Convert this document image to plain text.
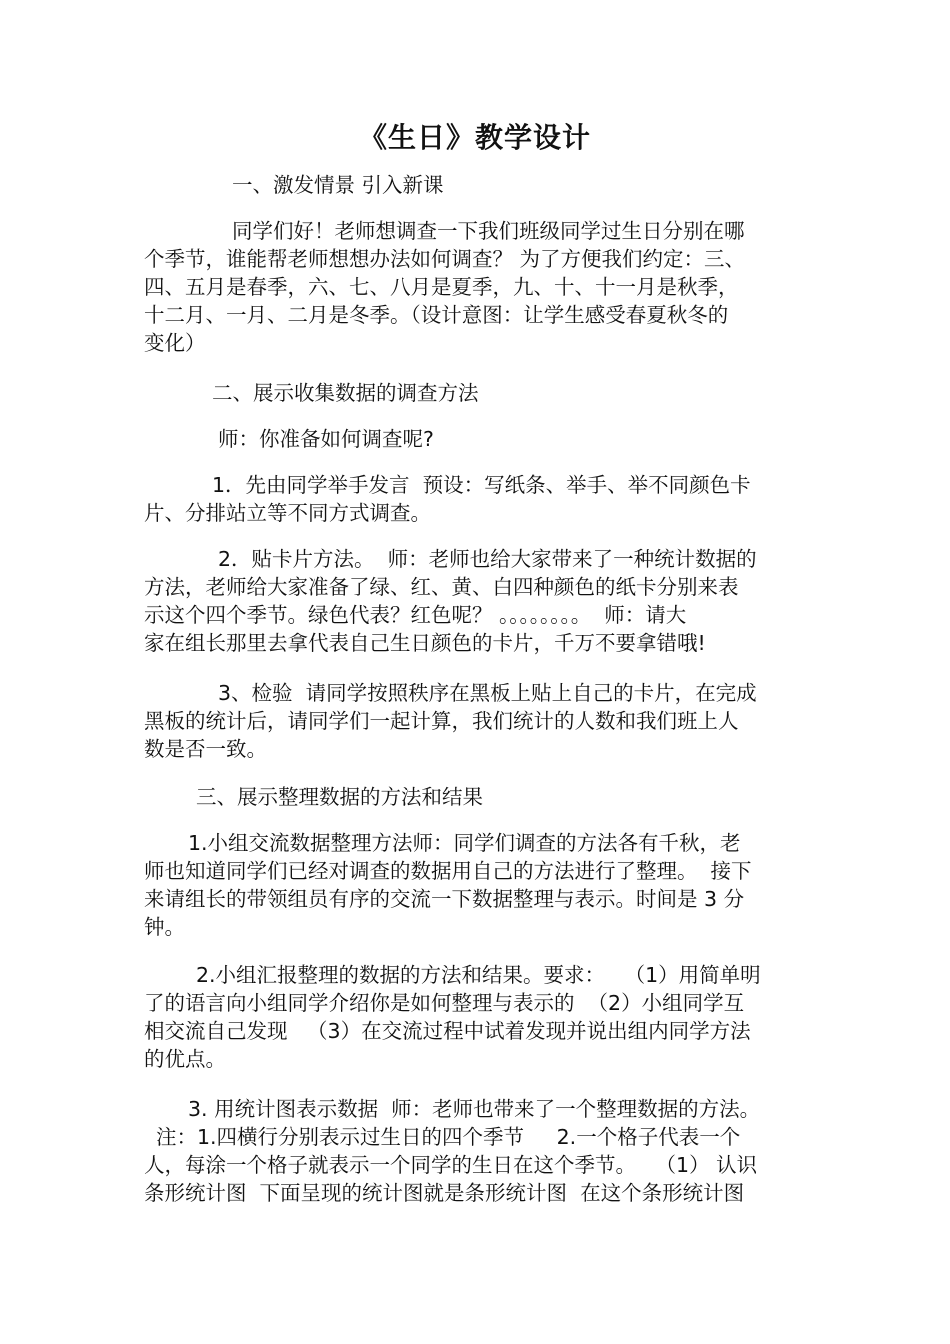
《生日》教学设计
一、激发情景 引入新课
同学们好！老师想调查一下我们班级同学过生日分别在哪
个季节，谁能帮老师想想办法如何调查？ 为了方便我们约定：三、
四、五月是春季，六、七、八月是夏季，九、十、十一月是秋季，
十二月、一月、二月是冬季。（设计意图：让学生感受春夏秋冬的
变化）
二、展示收集数据的调查方法
师：你准备如何调查呢?
1．先由同学举手发言  预设：写纸条、举手、举不同颜色卡
片、分排站立等不同方式调查。
2．贴卡片方法。  师：老师也给大家带来了一种统计数据的
方法，老师给大家准备了绿、红、黄、白四种颜色的纸卡分别来表
示这个四个季节。绿色代表？红色呢？ 。。。。。。。。  师：请大
家在组长那里去拿代表自己生日颜色的卡片，千万不要拿错哦!
3、检验  请同学按照秩序在黑板上贴上自己的卡片，在完成
黑板的统计后，请同学们一起计算，我们统计的人数和我们班上人
数是否一致。
三、展示整理数据的方法和结果
1.小组交流数据整理方法师：同学们调查的方法各有千秋，老
师也知道同学们已经对调查的数据用自己的方法进行了整理。  接下
来请组长的带领组员有序的交流一下数据整理与表示。时间是 3 分
钟。
2.小组汇报整理的数据的方法和结果。要求：   （1）用简单明
了的语言向小组同学介绍你是如何整理与表示的  （2）小组同学互
相交流自己发现   （3）在交流过程中试着发现并说出组内同学方法
的优点。
3. 用统计图表示数据  师：老师也带来了一个整理数据的方法。
注：1.四横行分别表示过生日的四个季节     2.一个格子代表一个
人，每涂一个格子就表示一个同学的生日在这个季节。   （1） 认识
条形统计图  下面呈现的统计图就是条形统计图  在这个条形统计图
